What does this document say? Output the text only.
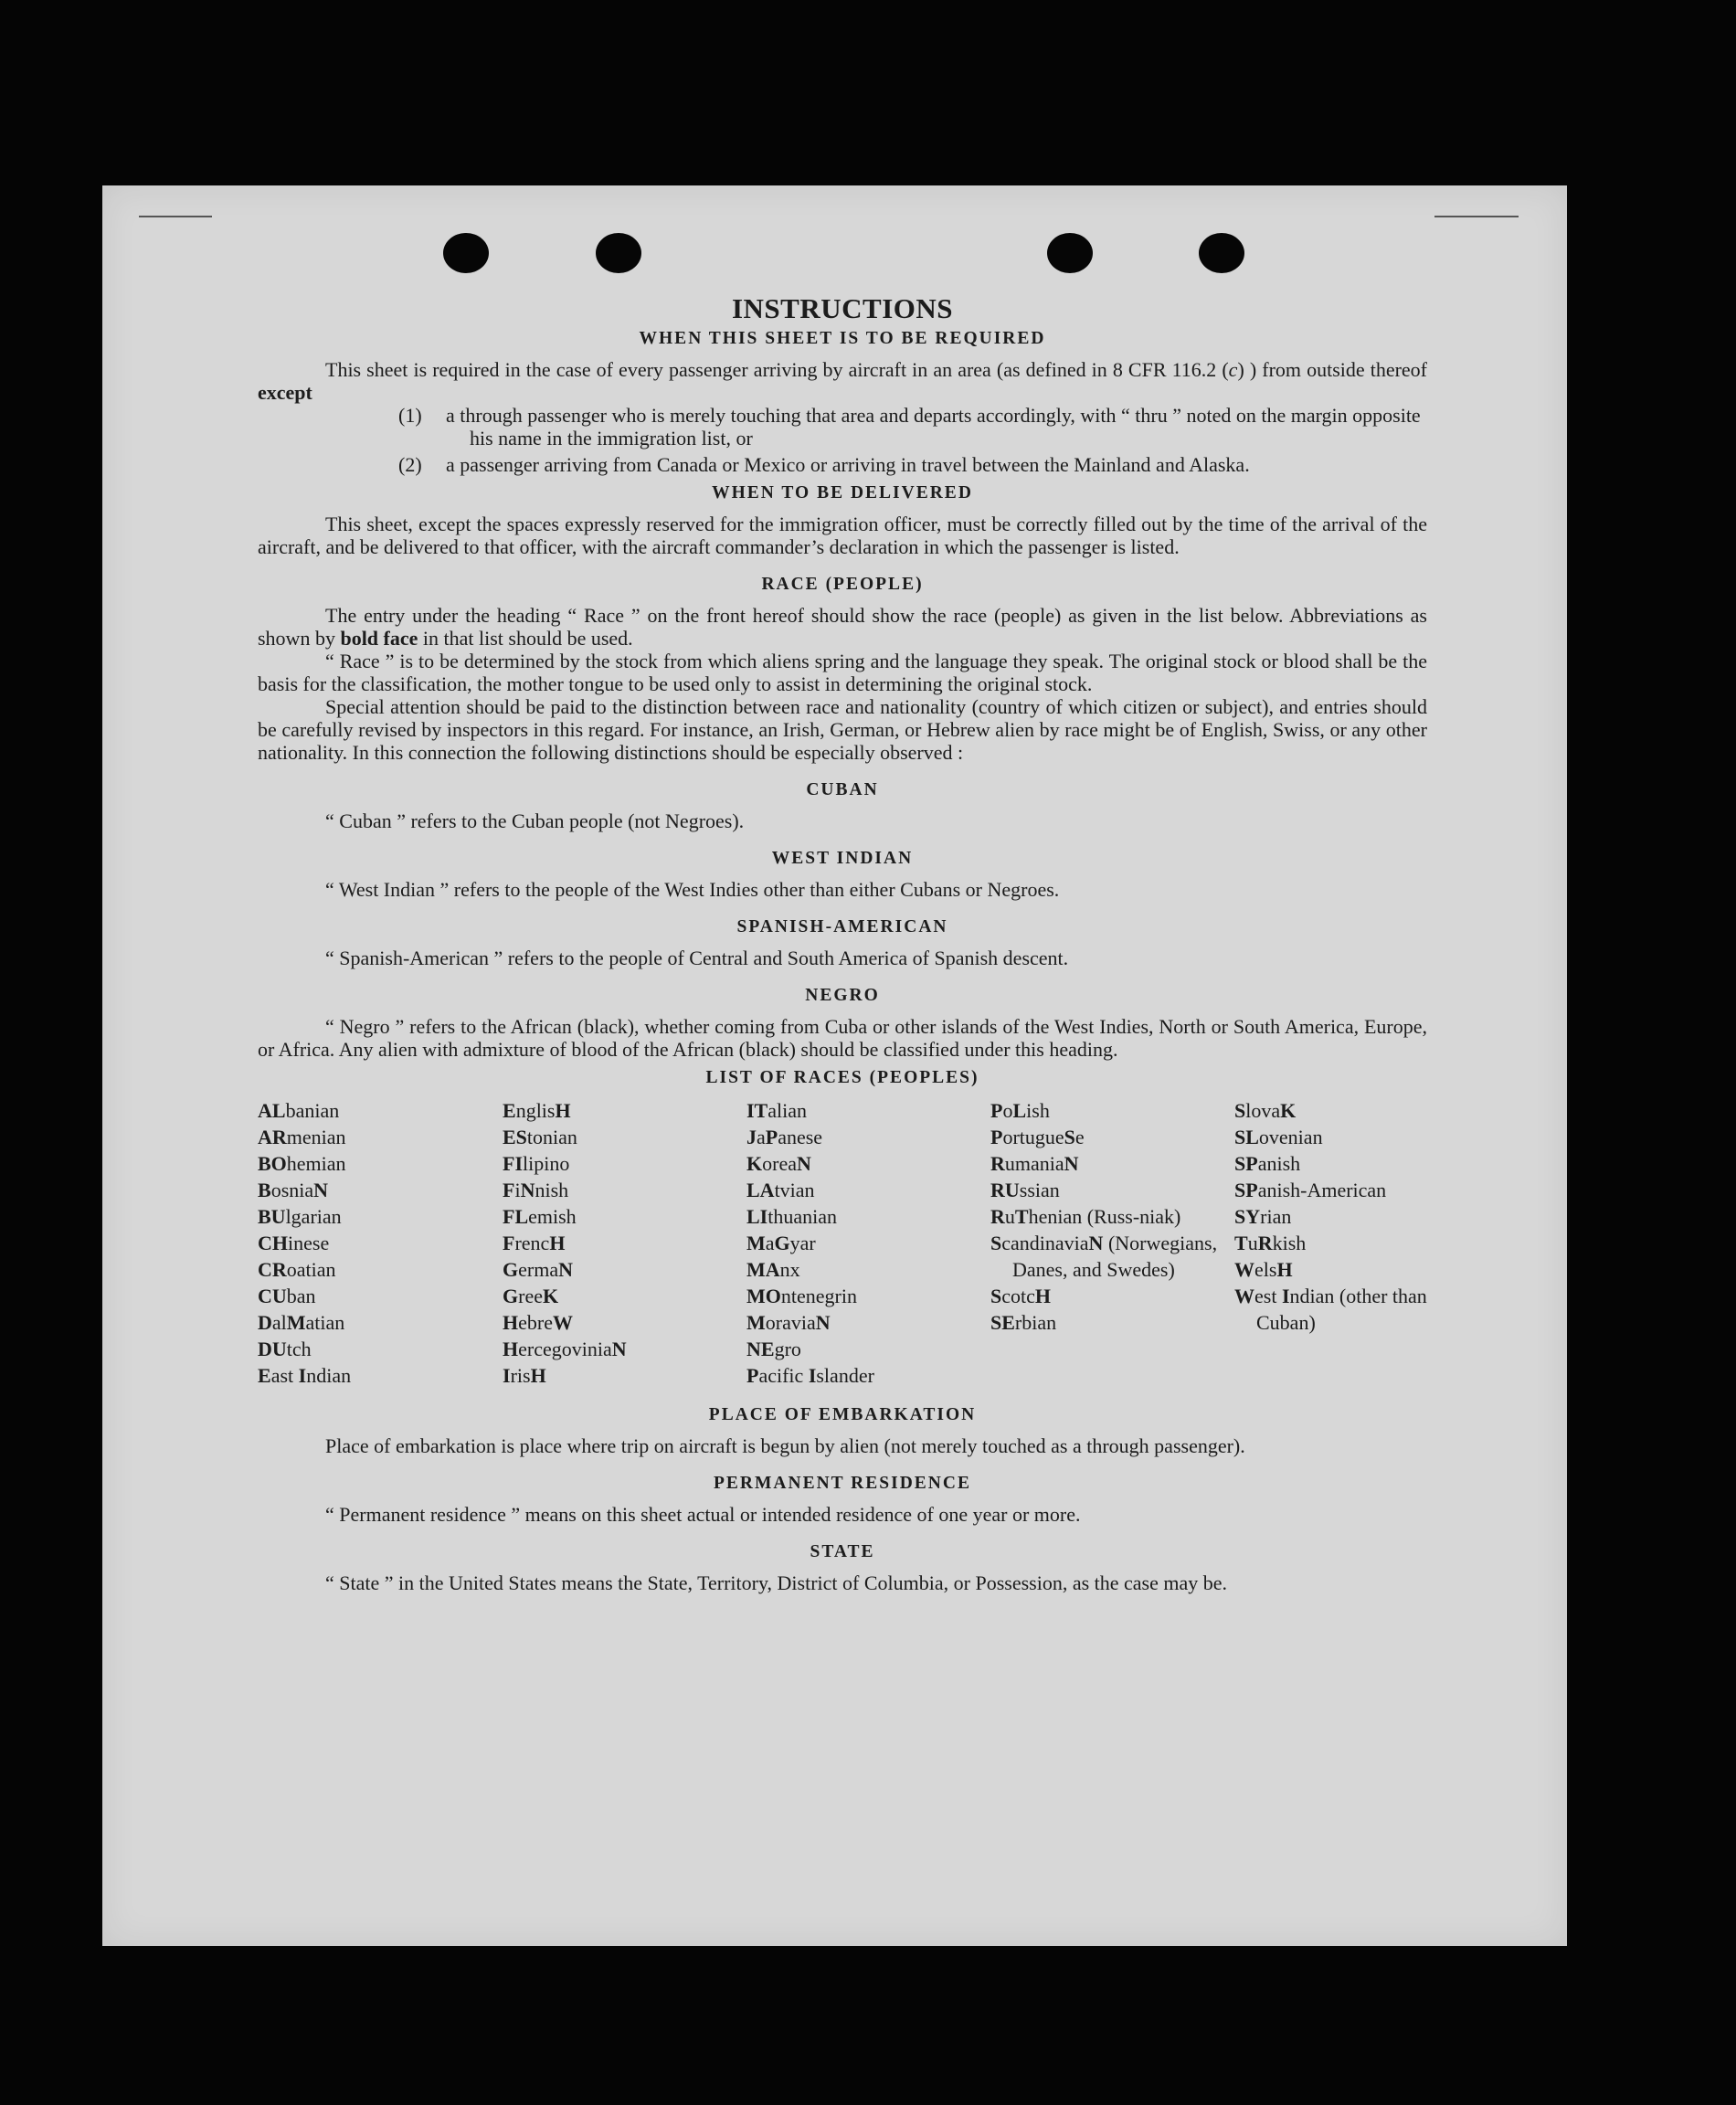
INSTRUCTIONS
WHEN THIS SHEET IS TO BE REQUIRED

This sheet is required in the case of every passenger arriving by aircraft in an area (as defined in 8 CFR 116.2 (c) ) from outside thereof except

(1) a through passenger who is merely touching that area and departs accordingly, with “ thru ” noted on the margin opposite his name in the immigration list, or
(2) a passenger arriving from Canada or Mexico or arriving in travel between the Mainland and Alaska.
WHEN TO BE DELIVERED

This sheet, except the spaces expressly reserved for the immigration officer, must be correctly filled out by the time of the arrival of the aircraft, and be delivered to that officer, with the aircraft commander’s declaration in which the passenger is listed.

RACE (PEOPLE)

The entry under the heading “ Race ” on the front hereof should show the race (people) as given in the list below. Abbreviations as shown by bold face in that list should be used.

“ Race ” is to be determined by the stock from which aliens spring and the language they speak. The original stock or blood shall be the basis for the classification, the mother tongue to be used only to assist in determining the original stock.

Special attention should be paid to the distinction between race and nationality (country of which citizen or subject), and entries should be carefully revised by inspectors in this regard. For instance, an Irish, German, or Hebrew alien by race might be of English, Swiss, or any other nationality. In this connection the following distinctions should be especially observed :

CUBAN

“ Cuban ” refers to the Cuban people (not Negroes).

WEST INDIAN

“ West Indian ” refers to the people of the West Indies other than either Cubans or Negroes.

SPANISH-AMERICAN

“ Spanish-American ” refers to the people of Central and South America of Spanish descent.

NEGRO

“ Negro ” refers to the African (black), whether coming from Cuba or other islands of the West Indies, North or South America, Europe, or Africa. Any alien with admixture of blood of the African (black) should be classified under this heading.

LIST OF RACES (PEOPLES)
ALbanian
ARmenian
BOhemian
BosniaN
BUlgarian
CHinese
CRoatian
CUban
DalMatian
DUtch
East Indian
EnglisH
EStonian
FIlipino
FiNnish
FLemish
FrencH
GermaN
GreeK
HebreW
HercegoviniaN
IrisH
ITalian
JaPanese
KoreaN
LAtvian
LIthuanian
MaGyar
MAnx
MOntenegrin
MoraviaN
NEgro
Pacific Islander
PoLish
PortugueSe
RumaniaN
RUssian
RuThenian (Russ-niak)
ScandinaviaN (Norwegians, Danes, and Swedes)
ScotcH
SErbian
SlovaK
SLovenian
SPanish
SPanish-American
SYrian
TuRkish
WelsH
West Indian (other than Cuban)
PLACE OF EMBARKATION

Place of embarkation is place where trip on aircraft is begun by alien (not merely touched as a through passenger).

PERMANENT RESIDENCE

“ Permanent residence ” means on this sheet actual or intended residence of one year or more.

STATE

“ State ” in the United States means the State, Territory, District of Columbia, or Possession, as the case may be.
